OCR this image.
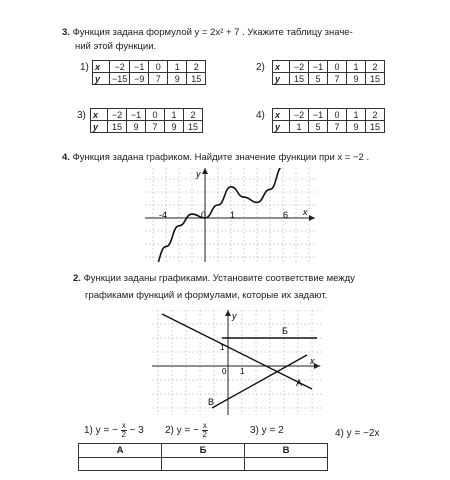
3. Функция задана формулой y = 2x² + 7 . Укажите таблицу значе-
ний этой функции.
1) x	−2	−1	0	1	2
y	−15	−9	7	9	15
2) x	−2	−1	0	1	2
y	15	5	7	9	15
3) x	−2	−1	0	1	2
y	15	9	7	9	15
4) x	−2	−1	0	1	2
y	1	5	7	9	15
4. Функция задана графиком. Найдите значение функции при x = −2 .
x
y
-4	0	1	6
2. Функции заданы графиками. Установите соответствие между
графиками функций и формулами, которые их задают.
y
x
0
1
1
А
Б
В
1) y = − $\frac{x}{2} - 3$ 2) y = − $\frac{x}{2}$	3) y = 2	4) y = −2x
А	Б	В
